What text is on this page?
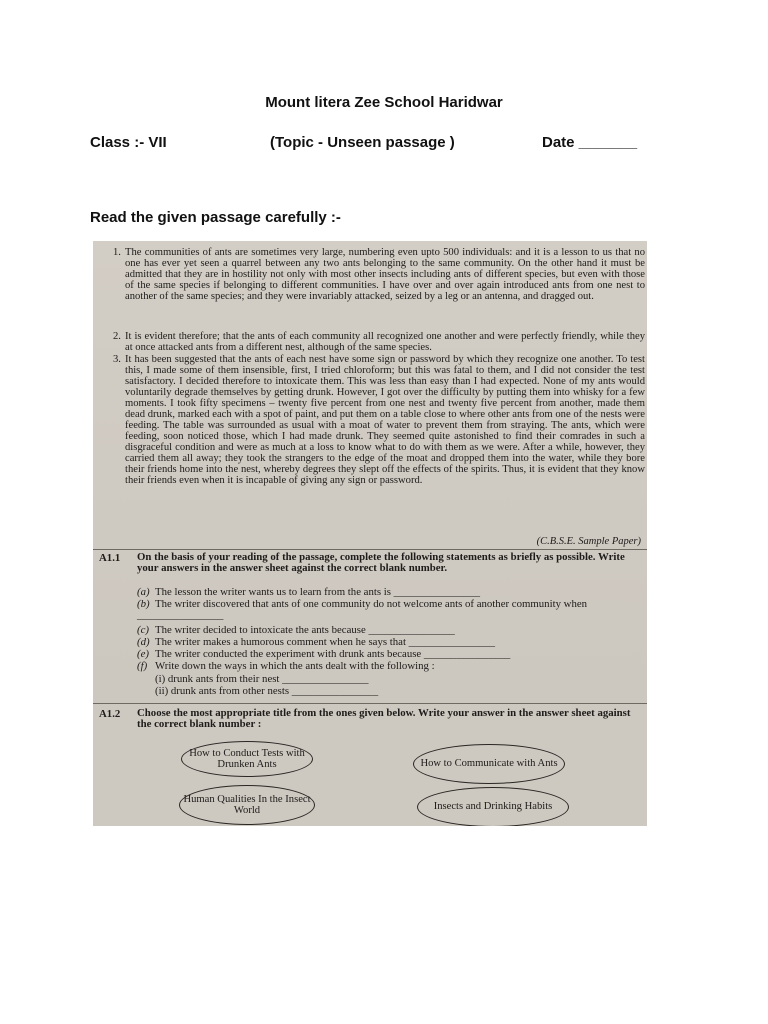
Mount litera Zee School Haridwar
Class :- VII	(Topic - Unseen passage )	Date _______
Read the given passage carefully :-
1. The communities of ants are sometimes very large, numbering even upto 500 individuals: and it is a lesson to us that no one has ever yet seen a quarrel between any two ants belonging to the same community. On the other hand it must be admitted that they are in hostility not only with most other insects including ants of different species, but even with those of the same species if belonging to different communities. I have over and over again introduced ants from one nest to another of the same species; and they were invariably attacked, seized by a leg or an antenna, and dragged out.
2. It is evident therefore; that the ants of each community all recognized one another and were perfectly friendly, while they at once attacked ants from a different nest, although of the same species.
3. It has been suggested that the ants of each nest have some sign or password by which they recognize one another. To test this, I made some of them insensible, first, I tried chloroform; but this was fatal to them, and I did not consider the test satisfactory. I decided therefore to intoxicate them. This was less than easy than I had expected. None of my ants would voluntarily degrade themselves by getting drunk. However, I got over the difficulty by putting them into whisky for a few moments. I took fifty specimens – twenty five percent from one nest and twenty five percent from another, made them dead drunk, marked each with a spot of paint, and put them on a table close to where other ants from one of the nests were feeding. The table was surrounded as usual with a moat of water to prevent them from straying. The ants, which were feeding, soon noticed those, which I had made drunk. They seemed quite astonished to find their comrades in such a disgraceful condition and were as much at a loss to know what to do with them as we were. After a while, however, they carried them all away; they took the strangers to the edge of the moat and dropped them into the water, while they bore their friends home into the nest, whereby degrees they slept off the effects of the spirits. Thus, it is evident that they know their friends even when it is incapable of giving any sign or password.
(C.B.S.E. Sample Paper)
A1.1 On the basis of your reading of the passage, complete the following statements as briefly as possible. Write your answers in the answer sheet against the correct blank number.
(a) The lesson the writer wants us to learn from the ants is ________________
(b) The writer discovered that ants of one community do not welcome ants of another community when ________________
(c) The writer decided to intoxicate the ants because ________________
(d) The writer makes a humorous comment when he says that ________________
(e) The writer conducted the experiment with drunk ants because ________________
(f) Write down the ways in which the ants dealt with the following :
(i) drunk ants from their nest ________________
(ii) drunk ants from other nests ________________
A1.2 Choose the most appropriate title from the ones given below. Write your answer in the answer sheet against the correct blank number :
How to Conduct Tests with Drunken Ants	How to Communicate with Ants
Human Qualities In the Insect World	Insects and Drinking Habits
